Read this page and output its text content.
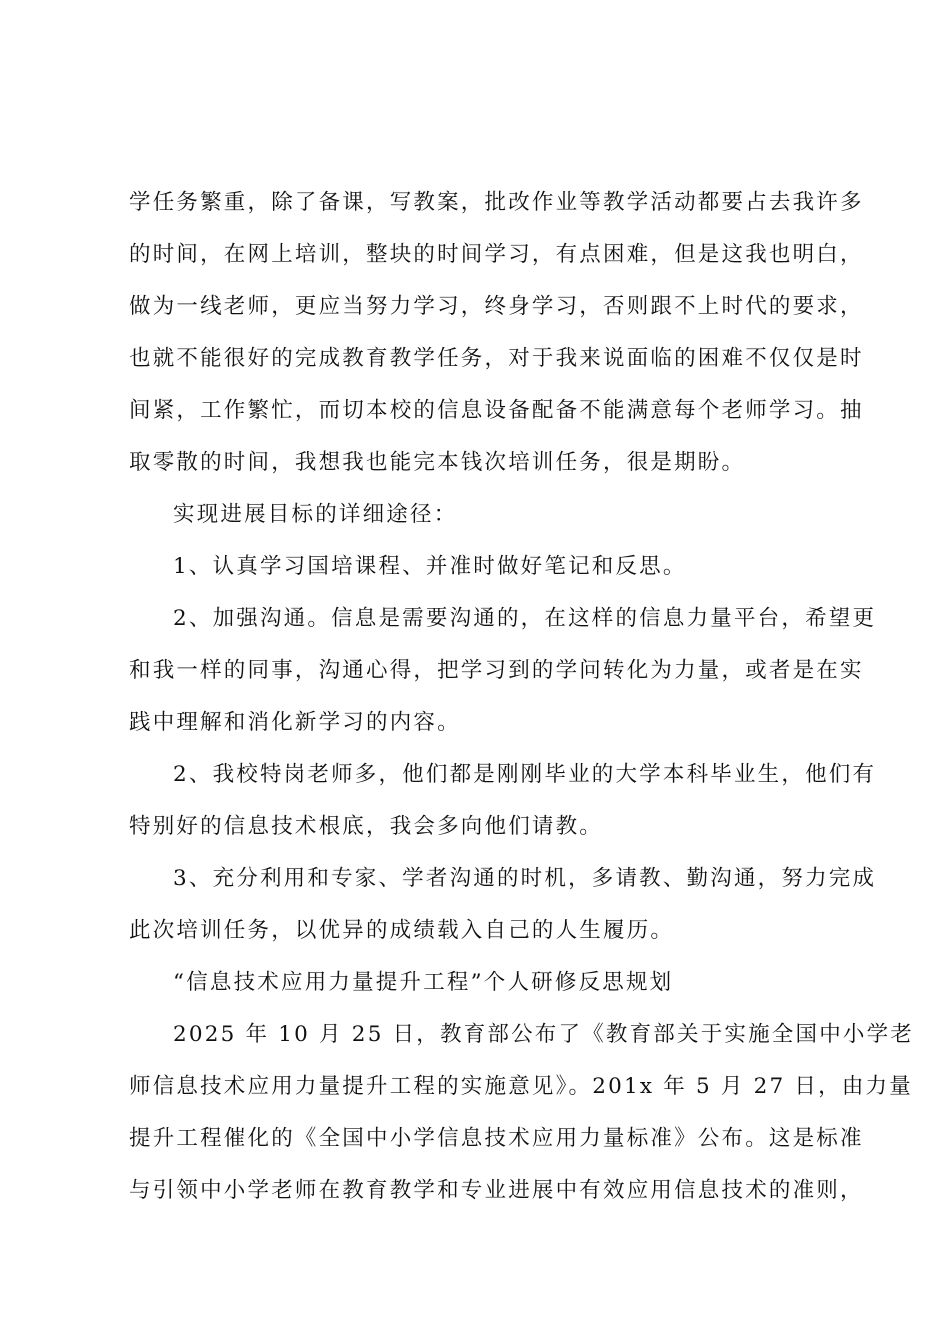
学任务繁重，除了备课，写教案，批改作业等教学活动都要占去我许多
的时间，在网上培训，整块的时间学习，有点困难，但是这我也明白，
做为一线老师，更应当努力学习，终身学习，否则跟不上时代的要求，
也就不能很好的完成教育教学任务，对于我来说面临的困难不仅仅是时
间紧，工作繁忙，而切本校的信息设备配备不能满意每个老师学习。抽
取零散的时间，我想我也能完本钱次培训任务，很是期盼。
实现进展目标的详细途径：
1、认真学习国培课程、并准时做好笔记和反思。
2、加强沟通。信息是需要沟通的，在这样的信息力量平台，希望更
和我一样的同事，沟通心得，把学习到的学问转化为力量，或者是在实
践中理解和消化新学习的内容。
2、我校特岗老师多，他们都是刚刚毕业的大学本科毕业生，他们有
特别好的信息技术根底，我会多向他们请教。
3、充分利用和专家、学者沟通的时机，多请教、勤沟通，努力完成
此次培训任务，以优异的成绩载入自己的人生履历。
“信息技术应用力量提升工程”个人研修反思规划
2025 年 10 月 25 日，教育部公布了《教育部关于实施全国中小学老
师信息技术应用力量提升工程的实施意见》。201x 年 5 月 27 日，由力量
提升工程催化的《全国中小学信息技术应用力量标准》公布。这是标准
与引领中小学老师在教育教学和专业进展中有效应用信息技术的准则，
